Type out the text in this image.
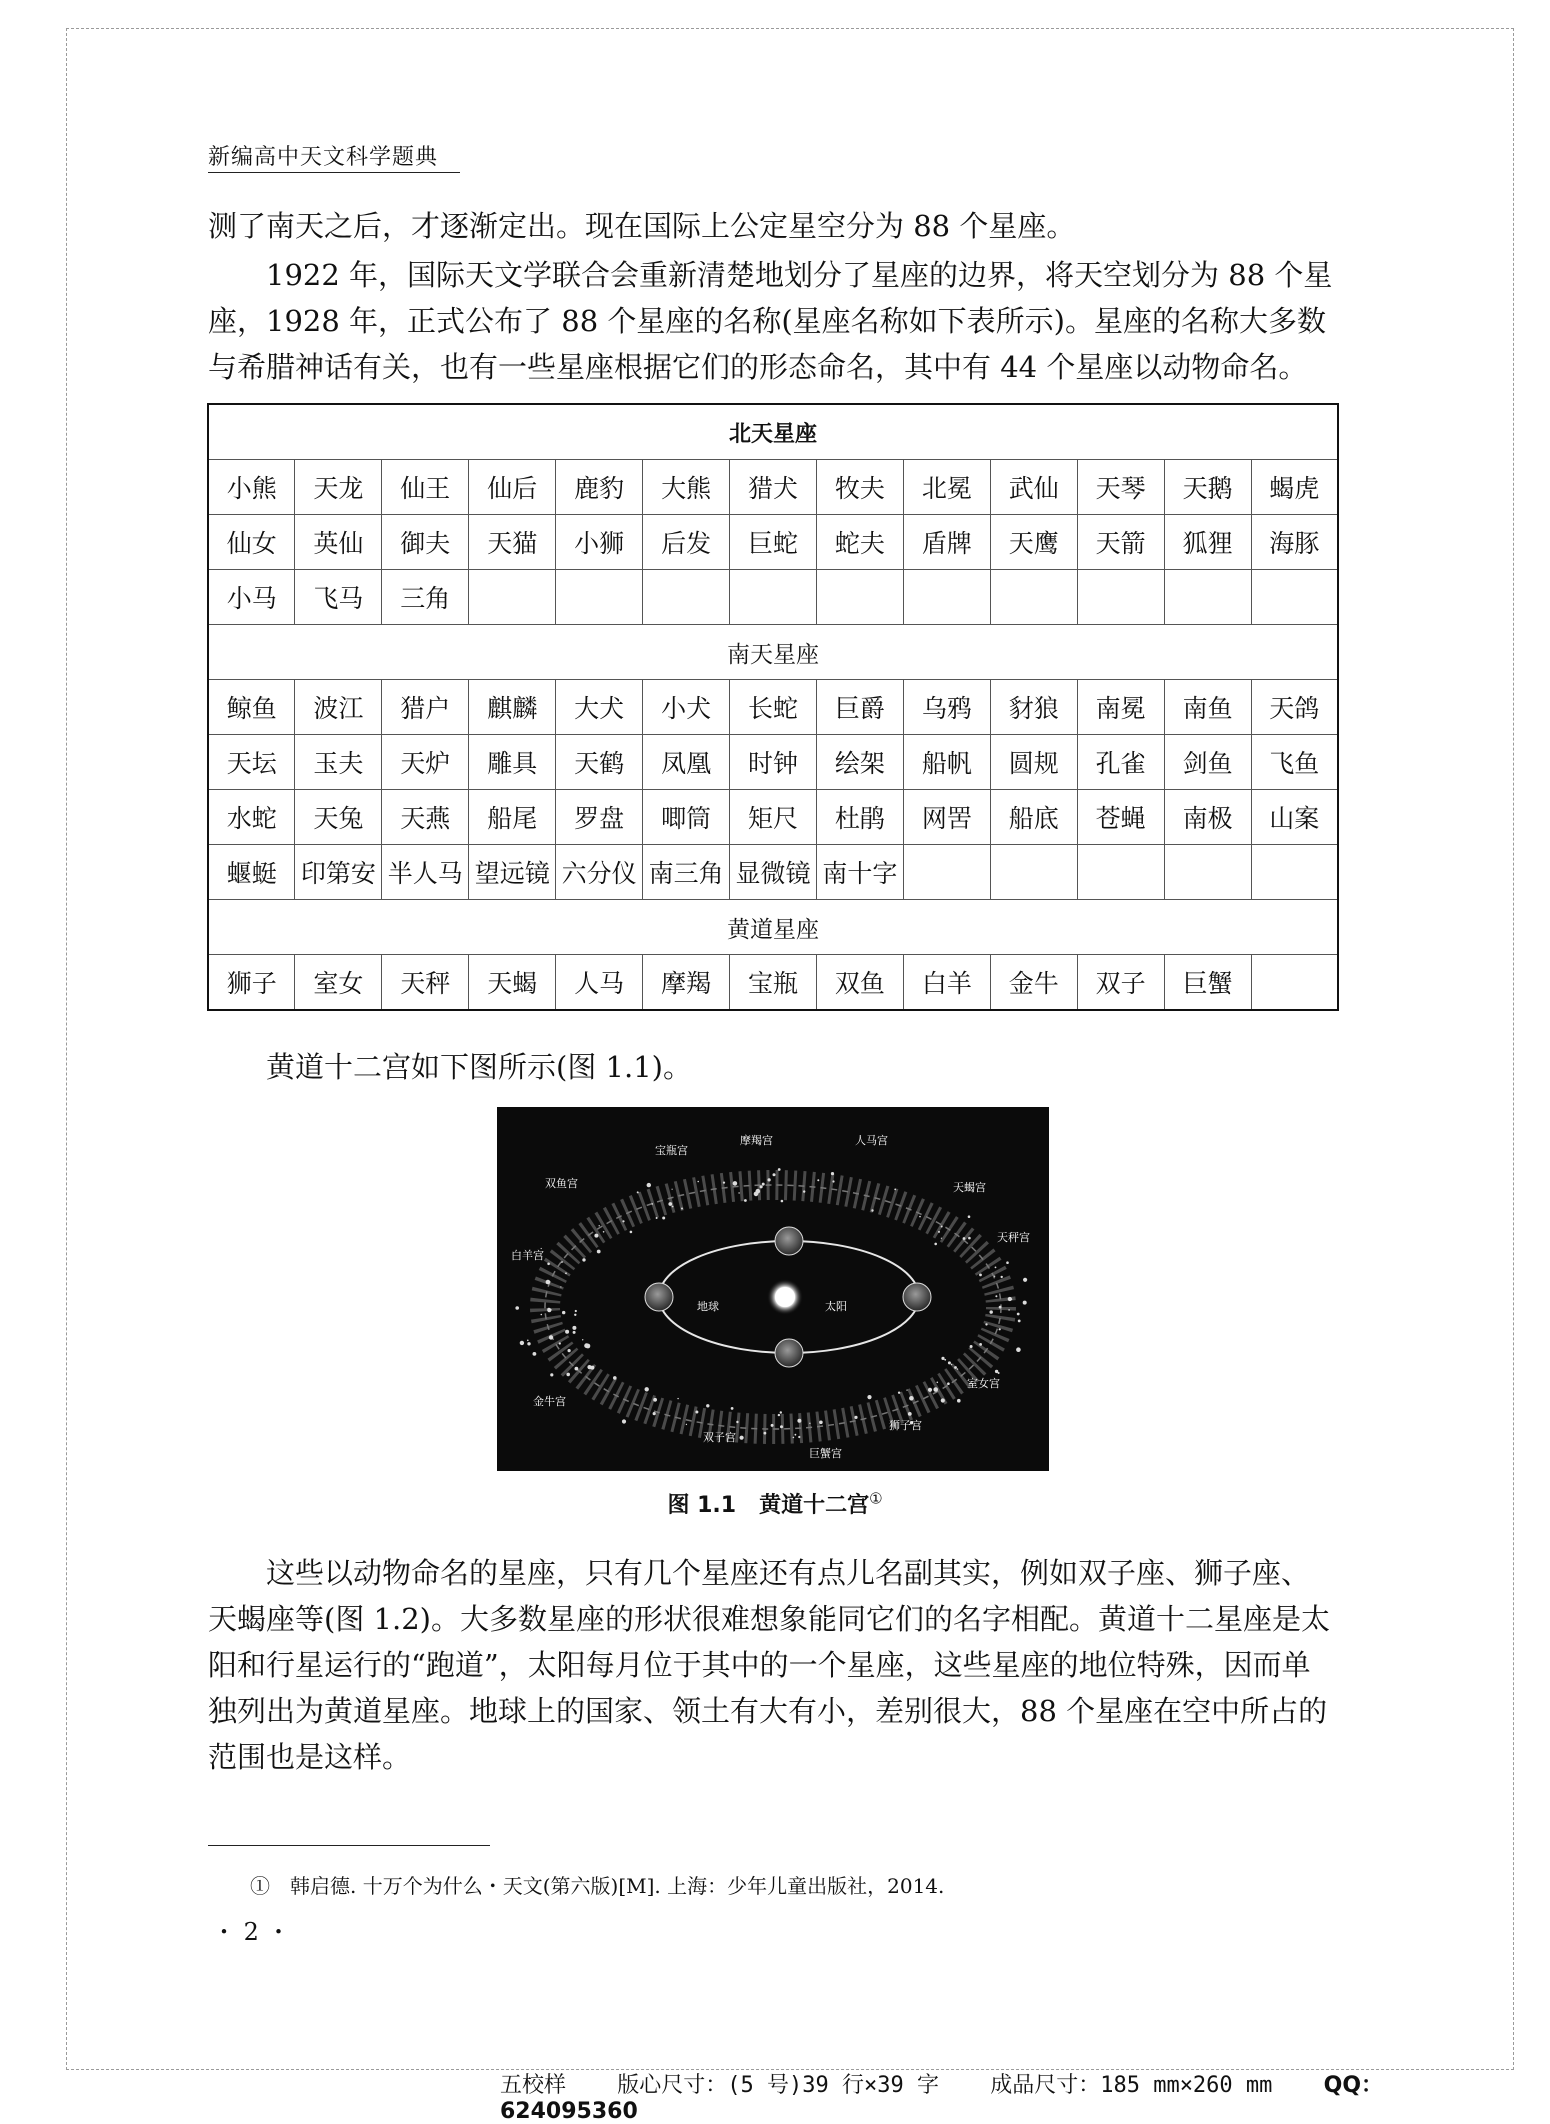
新编高中天文科学题典

测了南天之后，才逐渐定出。现在国际上公定星空分为 88 个星座。

1922 年，国际天文学联合会重新清楚地划分了星座的边界，将天空划分为 88 个星座，1928 年，正式公布了 88 个星座的名称(星座名称如下表所示)。星座的名称大多数与希腊神话有关，也有一些星座根据它们的形态命名，其中有 44 个星座以动物命名。

北天星座												
小熊	天龙	仙王	仙后	鹿豹	大熊	猎犬	牧夫	北冕	武仙	天琴	天鹅	蝎虎
仙女	英仙	御夫	天猫	小狮	后发	巨蛇	蛇夫	盾牌	天鹰	天箭	狐狸	海豚
小马	飞马	三角										
南天星座												
鲸鱼	波江	猎户	麒麟	大犬	小犬	长蛇	巨爵	乌鸦	豺狼	南冕	南鱼	天鸽
天坛	玉夫	天炉	雕具	天鹤	凤凰	时钟	绘架	船帆	圆规	孔雀	剑鱼	飞鱼
水蛇	天兔	天燕	船尾	罗盘	唧筒	矩尺	杜鹃	网罟	船底	苍蝇	南极	山案
蝘蜓	印第安	半人马	望远镜	六分仪	南三角	显微镜	南十字					
黄道星座												
狮子	室女	天秤	天蝎	人马	摩羯	宝瓶	双鱼	白羊	金牛	双子	巨蟹	

黄道十二宫如下图所示(图 1.1)。

宝瓶宫
摩羯宫	人马宫
双鱼宫	天蝎宫
天秤宫
白羊宫
地球	太阳
室女宫
金牛宫
狮子宫
双子宫
巨蟹宫
图 1.1 黄道十二宫①

这些以动物命名的星座，只有几个星座还有点儿名副其实，例如双子座、狮子座、天蝎座等(图 1.2)。大多数星座的形状很难想象能同它们的名字相配。黄道十二星座是太阳和行星运行的“跑道”，太阳每月位于其中的一个星座，这些星座的地位特殊，因而单独列出为黄道星座。地球上的国家、领土有大有小，差别很大，88 个星座在空中所占的范围也是这样。

①　韩启德. 十万个为什么・天文(第六版)[M]. 上海：少年儿童出版社，2014.
・ 2 ・
五校样 版心尺寸：(5 号)39 行×39 字 成品尺寸：185 mm×260 mm QQ：624095360
